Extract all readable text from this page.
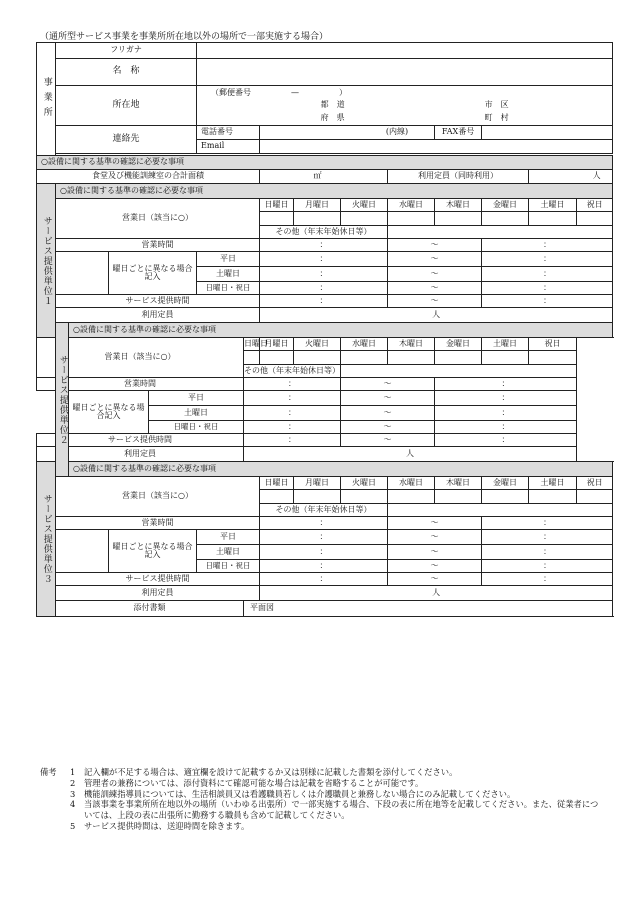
（通所型サービス事業を事業所所在地以外の場所で一部実施する場合）
事業所	フリガナ													
	名　称													
	所在地				（郵便番号　　　　　—　　　　　）									
					都　道 市　区									
					府　県 町　村									
	連絡先				電話番号		(内線)				FAX番号			
					Email									

○設備に関する基準の確認に必要な事項														
食堂及び機能訓練室の合計面積							㎡			利用定員（同時利用）			人	
サービス提供単位１	○設備に関する基準の確認に必要な事項													
	営業日（該当に○）						日曜日	月曜日	火曜日	水曜日	木曜日	金曜日	土曜日	祝日

							その他（年末年始休日等）							
	営業時間						：			〜		：		
			曜日ごとに異なる場合記入		平日		：			〜		：		
					土曜日		：			〜		：		
					日曜日・祝日		：			〜		：		
	サービス提供時間						：			〜		：		
	利用定員						人							
	サービス提供単位２	○設備に関する基準の確認に必要な事項												
営業日（該当に○）						日曜日	月曜日	火曜日	水曜日	木曜日	金曜日	土曜日	祝日	

						その他（年末年始休日等）								
営業時間						：			〜		：			
		曜日ごとに異なる場合記入		平日		：			〜		：			
				土曜日		：			〜		：			
				日曜日・祝日		：			〜		：			
サービス提供時間						：			〜		：			
利用定員						人								
サービス提供単位３		○設備に関する基準の確認に必要な事項												
	営業日（該当に○）						日曜日	月曜日	火曜日	水曜日	木曜日	金曜日	土曜日	祝日

							その他（年末年始休日等）							
	営業時間						：			〜		：		
			曜日ごとに異なる場合記入		平日		：			〜		：		
					土曜日		：			〜		：		
					日曜日・祝日		：			〜		：		
	サービス提供時間						：			〜		：		
	利用定員						人							
	添付書類					平面図								
備考	1	記入欄が不足する場合は、適宜欄を設けて記載するか又は別様に記載した書類を添付してください。
2	管理者の兼務については、添付資料にて確認可能な場合は記載を省略することが可能です。
3	機能訓練指導員については、生活相談員又は看護職員若しくは介護職員と兼務しない場合にのみ記載してください。
4	当該事業を事業所所在地以外の場所（いわゆる出張所）で一部実施する場合、下段の表に所在地等を記載してください。また、従業者については、上段の表に出張所に勤務する職員も含めて記載してください。
5	サービス提供時間は、送迎時間を除きます。
